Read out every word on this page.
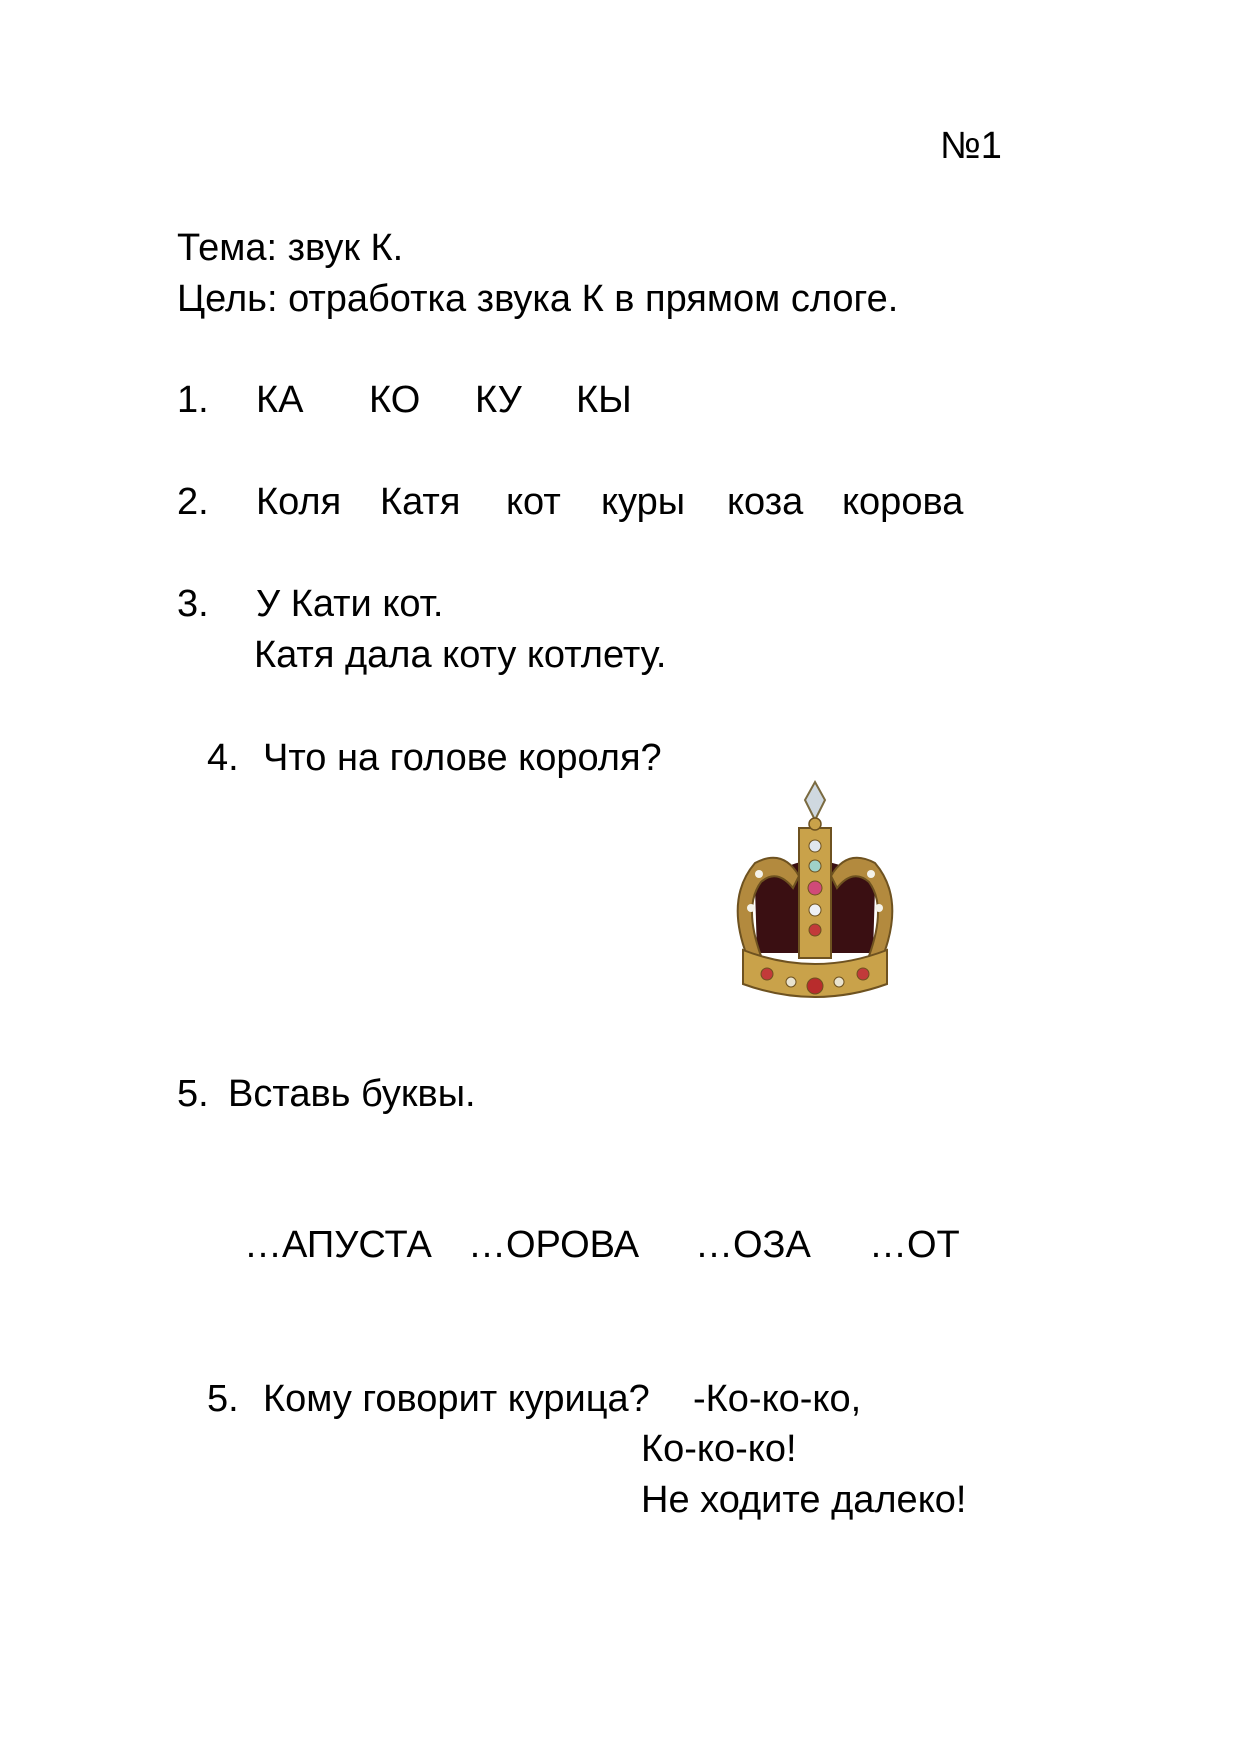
№1
Тема: звук К.
Цель: отработка звука К в прямом слоге.
1. КА КО КУ КЫ
2. Коля Катя кот куры коза корова
3. У Кати кот.
Катя дала коту котлету.
4. Что на голове короля?
5. Вставь буквы.
…АПУСТА …ОРОВА …ОЗА …ОТ
5. Кому говорит курица? -Ко-ко-ко,
Ко-ко-ко!
Не ходите далеко!
